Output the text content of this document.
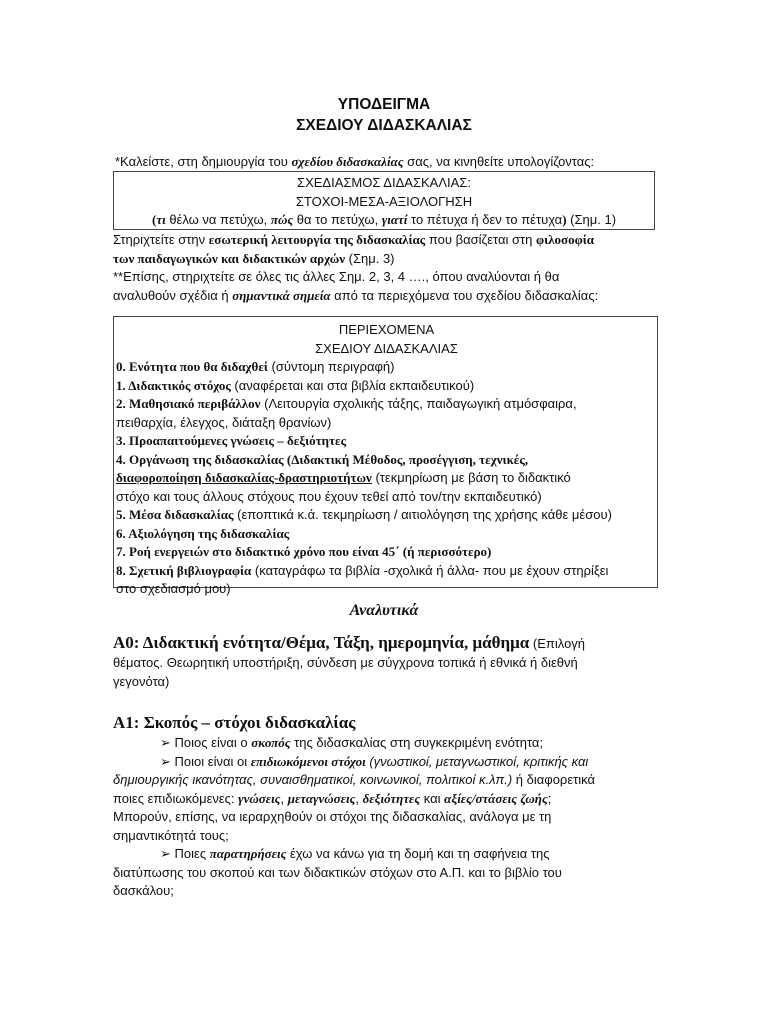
ΥΠΟΔΕΙΓΜΑ
ΣΧΕΔΙΟΥ ΔΙΔΑΣΚΑΛΙΑΣ
*Καλείστε, στη δημιουργία του σχεδίου διδασκαλίας σας, να κινηθείτε υπολογίζοντας:
ΣΧΕΔΙΑΣΜΟΣ ΔΙΔΑΣΚΑΛΙΑΣ:
ΣΤΟΧΟΙ-ΜΕΣΑ-ΑΞΙΟΛΟΓΗΣΗ
(τι θέλω να πετύχω, πώς θα το πετύχω, γιατί το πέτυχα ή δεν το πέτυχα) (Σημ. 1)
Στηριχτείτε στην εσωτερική λειτουργία της διδασκαλίας που βασίζεται στη φιλοσοφία
των παιδαγωγικών και διδακτικών αρχών (Σημ. 3)
**Επίσης, στηριχτείτε σε όλες τις άλλες Σημ. 2, 3, 4 …., όπου αναλύονται ή θα
αναλυθούν σχέδια ή σημαντικά σημεία από τα περιεχόμενα του σχεδίου διδασκαλίας:
ΠΕΡΙΕΧΟΜΕΝΑ
ΣΧΕΔΙΟΥ ΔΙΔΑΣΚΑΛΙΑΣ
0. Ενότητα που θα διδαχθεί (σύντομη περιγραφή)
1. Διδακτικός στόχος (αναφέρεται και στα βιβλία εκπαιδευτικού)
2. Μαθησιακό περιβάλλον (Λειτουργία σχολικής τάξης, παιδαγωγική ατμόσφαιρα,
πειθαρχία, έλεγχος, διάταξη θρανίων)
3. Προαπαιτούμενες γνώσεις – δεξιότητες
4. Οργάνωση της διδασκαλίας (Διδακτική Μέθοδος, προσέγγιση, τεχνικές,
διαφοροποίηση διδασκαλίας-δραστηριοτήτων (τεκμηρίωση με βάση το διδακτικό
στόχο και τους άλλους στόχους που έχουν τεθεί από τον/την εκπαιδευτικό)
5. Μέσα διδασκαλίας (εποπτικά κ.ά. τεκμηρίωση / αιτιολόγηση της χρήσης κάθε μέσου)
6. Αξιολόγηση της διδασκαλίας
7. Ροή ενεργειών στο διδακτικό χρόνο που είναι 45΄ (ή περισσότερο)
8. Σχετική βιβλιογραφία (καταγράφω τα βιβλία -σχολικά ή άλλα- που με έχουν στηρίξει
στο σχεδιασμό μου)
Αναλυτικά
Α0: Διδακτική ενότητα/Θέμα, Τάξη, ημερομηνία, μάθημα (Επιλογή
θέματος. Θεωρητική υποστήριξη, σύνδεση με σύγχρονα τοπικά ή εθνικά ή διεθνή
γεγονότα)
Α1: Σκοπός – στόχοι διδασκαλίας
➢ Ποιος είναι ο σκοπός της διδασκαλίας στη συγκεκριμένη ενότητα;
➢ Ποιοι είναι οι επιδιωκόμενοι στόχοι (γνωστικοί, μεταγνωστικοί, κριτικής και
δημιουργικής ικανότητας, συναισθηματικοί, κοινωνικοί, πολιτικοί κ.λπ.) ή διαφορετικά
ποιες επιδιωκόμενες: γνώσεις, μεταγνώσεις, δεξιότητες και αξίες/στάσεις ζωής;
Μπορούν, επίσης, να ιεραρχηθούν οι στόχοι της διδασκαλίας, ανάλογα με τη
σημαντικότητά τους;
➢ Ποιες παρατηρήσεις έχω να κάνω για τη δομή και τη σαφήνεια της
διατύπωσης του σκοπού και των διδακτικών στόχων στο Α.Π. και το βιβλίο του
δασκάλου;
